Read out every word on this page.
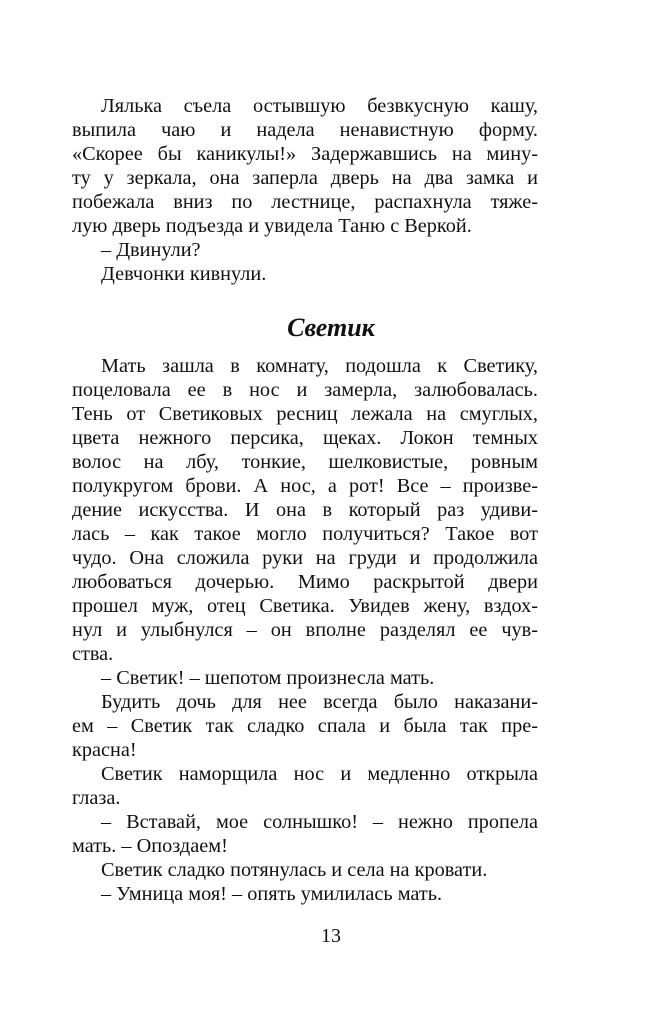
Лялька съела остывшую безвкусную кашу,
выпила чаю и надела ненавистную форму.
«Скорее бы каникулы!» Задержавшись на мину-
ту у зеркала, она заперла дверь на два замка и
побежала вниз по лестнице, распахнула тяже-
лую дверь подъезда и увидела Таню с Веркой.
– Двинули?
Девчонки кивнули.
Светик
Мать зашла в комнату, подошла к Светику,
поцеловала ее в нос и замерла, залюбовалась.
Тень от Светиковых ресниц лежала на смуглых,
цвета нежного персика, щеках. Локон темных
волос на лбу, тонкие, шелковистые, ровным
полукругом брови. А нос, а рот! Все – произве-
дение искусства. И она в который раз удиви-
лась – как такое могло получиться? Такое вот
чудо. Она сложила руки на груди и продолжила
любоваться дочерью. Мимо раскрытой двери
прошел муж, отец Светика. Увидев жену, вздох-
нул и улыбнулся – он вполне разделял ее чув-
ства.
– Светик! – шепотом произнесла мать.
Будить дочь для нее всегда было наказани-
ем – Светик так сладко спала и была так пре-
красна!
Светик наморщила нос и медленно открыла
глаза.
– Вставай, мое солнышко! – нежно пропела
мать. – Опоздаем!
Светик сладко потянулась и села на кровати.
– Умница моя! – опять умилилась мать.
13
